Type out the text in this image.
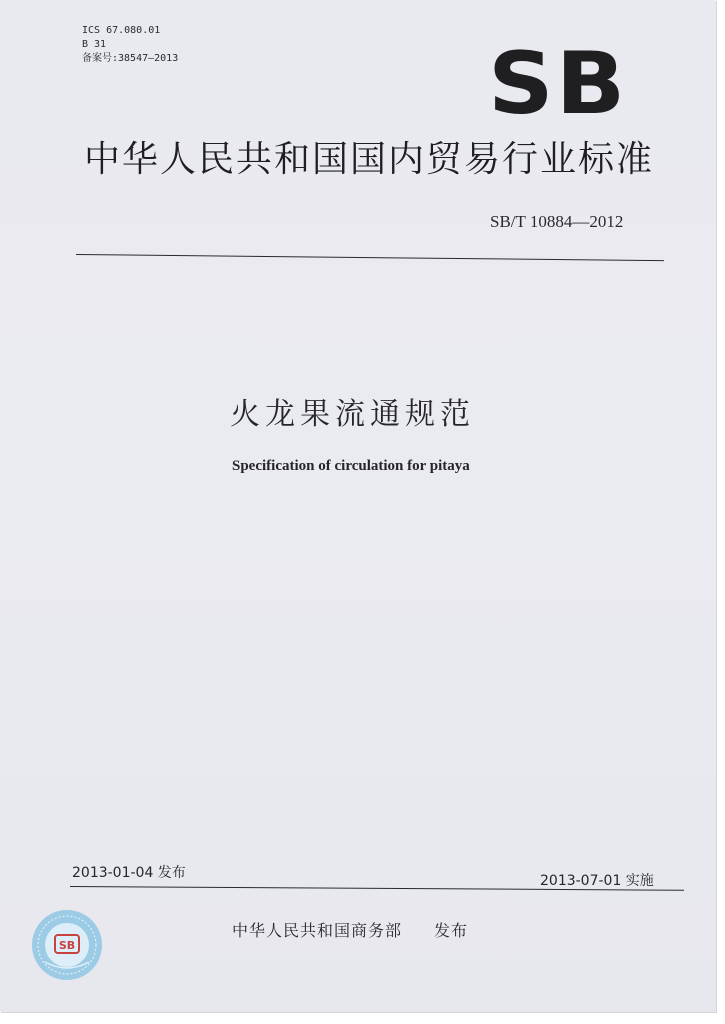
ICS 67.080.01
B 31
备案号:38547—2013	SB
中华人民共和国国内贸易行业标准
SB/T 10884—2012
火龙果流通规范
Specification of circulation for pitaya
2013-01-04 发布	2013-07-01 实施
中华人民共和国商务部 发布
SB
